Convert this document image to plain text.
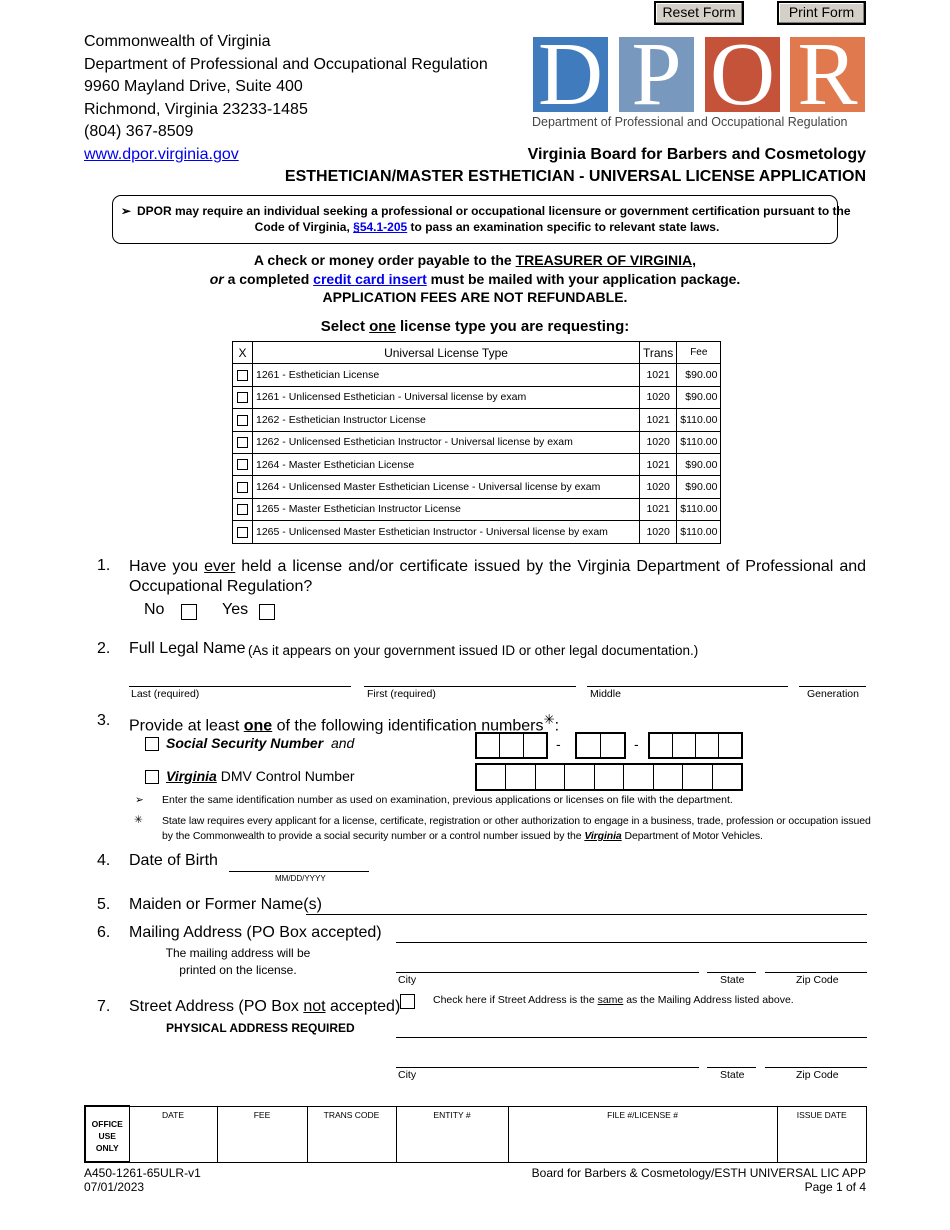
Reset Form	Print Form
Commonwealth of Virginia
Department of Professional and Occupational Regulation
9960 Mayland Drive, Suite 400
Richmond, Virginia 23233-1485
(804) 367-8509
www.dpor.virginia.gov
D P O R
Department of Professional and Occupational Regulation
Virginia Board for Barbers and Cosmetology
ESTHETICIAN/MASTER ESTHETICIAN - UNIVERSAL LICENSE APPLICATION
➢ DPOR may require an individual seeking a professional or occupational licensure or government certification pursuant to the
Code of Virginia, §54.1-205 to pass an examination specific to relevant state laws.
A check or money order payable to the TREASURER OF VIRGINIA,
or a completed credit card insert must be mailed with your application package.
APPLICATION FEES ARE NOT REFUNDABLE.
Select one license type you are requesting:
X	Universal License Type	Trans	Fee
	1261 - Esthetician License	1021	$90.00
	1261 - Unlicensed Esthetician - Universal license by exam	1020	$90.00
	1262 - Esthetician Instructor License	1021	$110.00
	1262 - Unlicensed Esthetician Instructor - Universal license by exam	1020	$110.00
	1264 - Master Esthetician License	1021	$90.00
	1264 - Unlicensed Master Esthetician License - Universal license by exam	1020	$90.00
	1265 - Master Esthetician Instructor License	1021	$110.00
	1265 - Unlicensed Master Esthetician Instructor - Universal license by exam	1020	$110.00
1. Have you ever held a license and/or certificate issued by the Virginia Department of Professional and Occupational Regulation?
No	Yes
2. Full Legal Name (As it appears on your government issued ID or other legal documentation.)
Last (required)	First (required)	Middle	Generation
3. Provide at least one of the following identification numbers✳:
Social Security Number and
Virginia DMV Control Number
-	-
➢ Enter the same identification number as used on examination, previous applications or licenses on file with the department.
✳ State law requires every applicant for a license, certificate, registration or other authorization to engage in a business, trade, profession or occupation issued
by the Commonwealth to provide a social security number or a control number issued by the Virginia Department of Motor Vehicles.
4. Date of Birth
MM/DD/YYYY
5. Maiden or Former Name(s)
6. Mailing Address (PO Box accepted)
The mailing address will be
printed on the license.
City	State	Zip Code
7. Street Address (PO Box not accepted)
PHYSICAL ADDRESS REQUIRED
Check here if Street Address is the same as the Mailing Address listed above.
City	State	Zip Code
OFFICE
USE
ONLY
	DATE	FEE	TRANS CODE	ENTITY #	FILE #/LICENSE #	ISSUE DATE
A450-1261-65ULR-v1
07/01/2023
Board for Barbers & Cosmetology/ESTH UNIVERSAL LIC APP
Page 1 of 4
